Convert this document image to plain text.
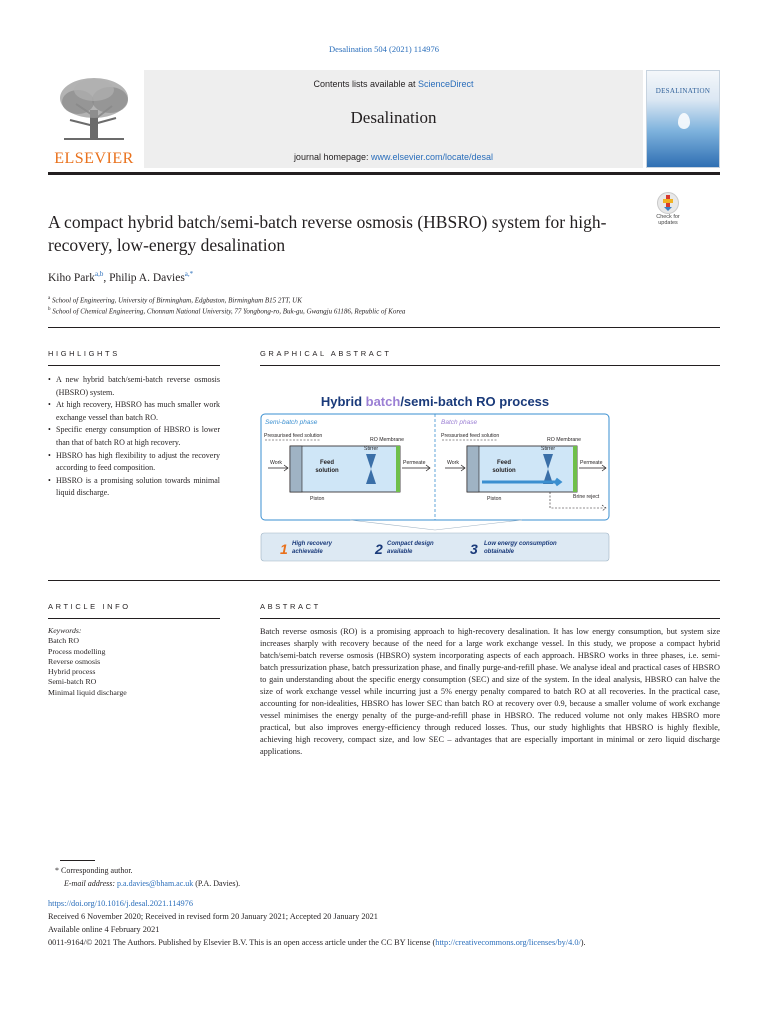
Desalination 504 (2021) 114976
ELSEVIER
Contents lists available at ScienceDirect
Desalination
journal homepage: www.elsevier.com/locate/desal
DESALINATION
A compact hybrid batch/semi-batch reverse osmosis (HBSRO) system for high-recovery, low-energy desalination
Check for
updates
Kiho Park$^{a,b}$, Philip A. Davies$^{a,*}$
$^a$ School of Engineering, University of Birmingham, Edgbaston, Birmingham B15 2TT, UK
$^b$ School of Chemical Engineering, Chonnam National University, 77 Yongbong-ro, Buk-gu, Gwangju 61186, Republic of Korea
HIGHLIGHTS
• A new hybrid batch/semi-batch reverse osmosis (HBSRO) system.
• At high recovery, HBSRO has much smaller work exchange vessel than batch RO.
• Specific energy consumption of HBSRO is lower than that of batch RO at high recovery.
• HBSRO has high flexibility to adjust the recovery according to feed composition.
• HBSRO is a promising solution towards minimal liquid discharge.
GRAPHICAL ABSTRACT
Hybrid batch/semi-batch RO process
Semi-batch phase
Pressurised feed solution
RO Membrane
Stirrer
Feed solution
Work	Permeate
Piston
Batch phase
Pressurised feed solution
RO Membrane
Stirrer
Feed solution
Work	Permeate
Piston	Brine reject
1 High recovery achievable	2 Compact design available	3 Low energy consumption obtainable
ARTICLE INFO
Keywords:
Batch RO
Process modelling
Reverse osmosis
Hybrid process
Semi-batch RO
Minimal liquid discharge
ABSTRACT
Batch reverse osmosis (RO) is a promising approach to high-recovery desalination. It has low energy consumption, but system size increases sharply with recovery because of the need for a large work exchange vessel. In this study, we propose a compact hybrid batch/semi-batch reverse osmosis (HBSRO) system incorporating aspects of each approach. HBSRO works in three phases, i.e. semi-batch pressurization phase, batch pressurization phase, and finally purge-and-refill phase. We analyse ideal and practical cases of HBSRO to gain understanding about the specific energy consumption (SEC) and size of the system. In the ideal analysis, HBSRO can halve the size of work exchange vessel while incurring just a 5% energy penalty compared to batch RO at all recoveries. In the practical case, accounting for non-idealities, HBSRO has lower SEC than batch RO at recovery over 0.9, because a smaller volume of work exchange vessel minimises the energy penalty of the purge-and-refill phase in HBSRO. The reduced volume not only makes HBSRO more practical, but also improves energy-efficiency through reduced losses. Thus, our study highlights that HBSRO is highly flexible, achieving high recovery, compact size, and low SEC – advantages that are especially important in minimal or zero liquid discharge applications.
* Corresponding author.
E-mail address: p.a.davies@bham.ac.uk (P.A. Davies).
https://doi.org/10.1016/j.desal.2021.114976
Received 6 November 2020; Received in revised form 20 January 2021; Accepted 20 January 2021
Available online 4 February 2021
0011-9164/© 2021 The Authors. Published by Elsevier B.V. This is an open access article under the CC BY license (http://creativecommons.org/licenses/by/4.0/).
